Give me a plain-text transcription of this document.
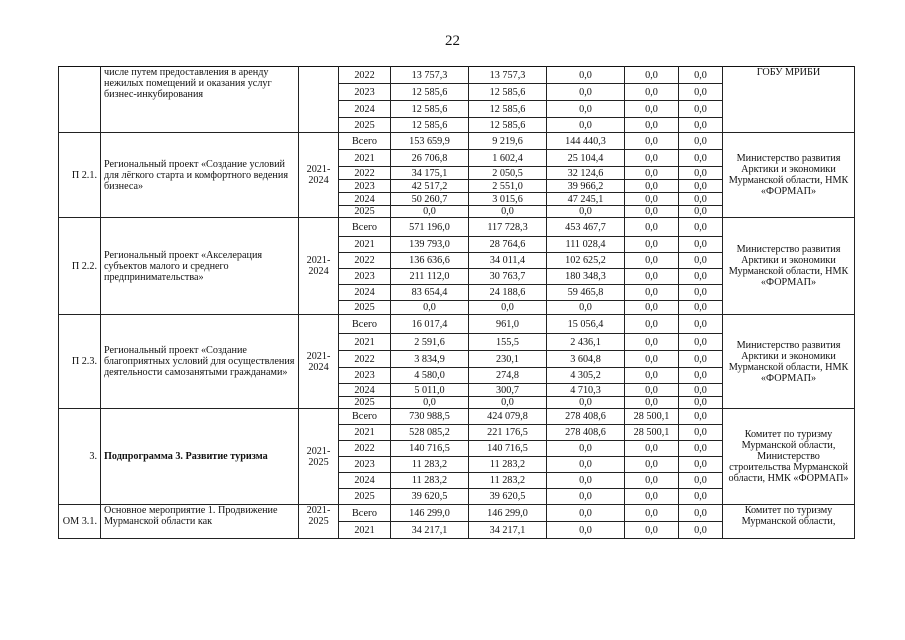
22
	числе путем предоставления в аренду нежилых помещений и оказания услуг бизнес-инкубирования		2022	13 757,3	13 757,3	0,0	0,0	0,0	ГОБУ МРИБИ
			2023	12 585,6	12 585,6	0,0	0,0	0,0	
			2024	12 585,6	12 585,6	0,0	0,0	0,0	
			2025	12 585,6	12 585,6	0,0	0,0	0,0	
П 2.1.	Региональный проект «Создание условий для лёгкого старта и комфортного ведения бизнеса»	2021-2024	Всего	153 659,9	9 219,6	144 440,3	0,0	0,0	Министерство развития Арктики и экономики Мурманской области, НМК «ФОРМАП»
			2021	26 706,8	1 602,4	25 104,4	0,0	0,0	
			2022	34 175,1	2 050,5	32 124,6	0,0	0,0	
			2023	42 517,2	2 551,0	39 966,2	0,0	0,0	
			2024	50 260,7	3 015,6	47 245,1	0,0	0,0	
			2025	0,0	0,0	0,0	0,0	0,0	
П 2.2.	Региональный проект «Акселерация субъектов малого и среднего предпринимательства»	2021-2024	Всего	571 196,0	117 728,3	453 467,7	0,0	0,0	Министерство развития Арктики и экономики Мурманской области, НМК «ФОРМАП»
			2021	139 793,0	28 764,6	111 028,4	0,0	0,0	
			2022	136 636,6	34 011,4	102 625,2	0,0	0,0	
			2023	211 112,0	30 763,7	180 348,3	0,0	0,0	
			2024	83 654,4	24 188,6	59 465,8	0,0	0,0	
			2025	0,0	0,0	0,0	0,0	0,0	
П 2.3.	Региональный проект «Создание благоприятных условий для осуществления деятельности самозанятыми гражданами»	2021-2024	Всего	16 017,4	961,0	15 056,4	0,0	0,0	Министерство развития Арктики и экономики Мурманской области, НМК «ФОРМАП»
			2021	2 591,6	155,5	2 436,1	0,0	0,0	
			2022	3 834,9	230,1	3 604,8	0,0	0,0	
			2023	4 580,0	274,8	4 305,2	0,0	0,0	
			2024	5 011,0	300,7	4 710,3	0,0	0,0	
			2025	0,0	0,0	0,0	0,0	0,0	
3.	Подпрограмма 3. Развитие туризма	2021-2025	Всего	730 988,5	424 079,8	278 408,6	28 500,1	0,0	Комитет по туризму Мурманской области, Министерство строительства Мурманской области, НМК «ФОРМАП»
			2021	528 085,2	221 176,5	278 408,6	28 500,1	0,0	
			2022	140 716,5	140 716,5	0,0	0,0	0,0	
			2023	11 283,2	11 283,2	0,0	0,0	0,0	
			2024	11 283,2	11 283,2	0,0	0,0	0,0	
			2025	39 620,5	39 620,5	0,0	0,0	0,0	
ОМ 3.1.	Основное мероприятие 1. Продвижение Мурманской области как	2021-2025	Всего	146 299,0	146 299,0	0,0	0,0	0,0	Комитет по туризму Мурманской области,
			2021	34 217,1	34 217,1	0,0	0,0	0,0	
